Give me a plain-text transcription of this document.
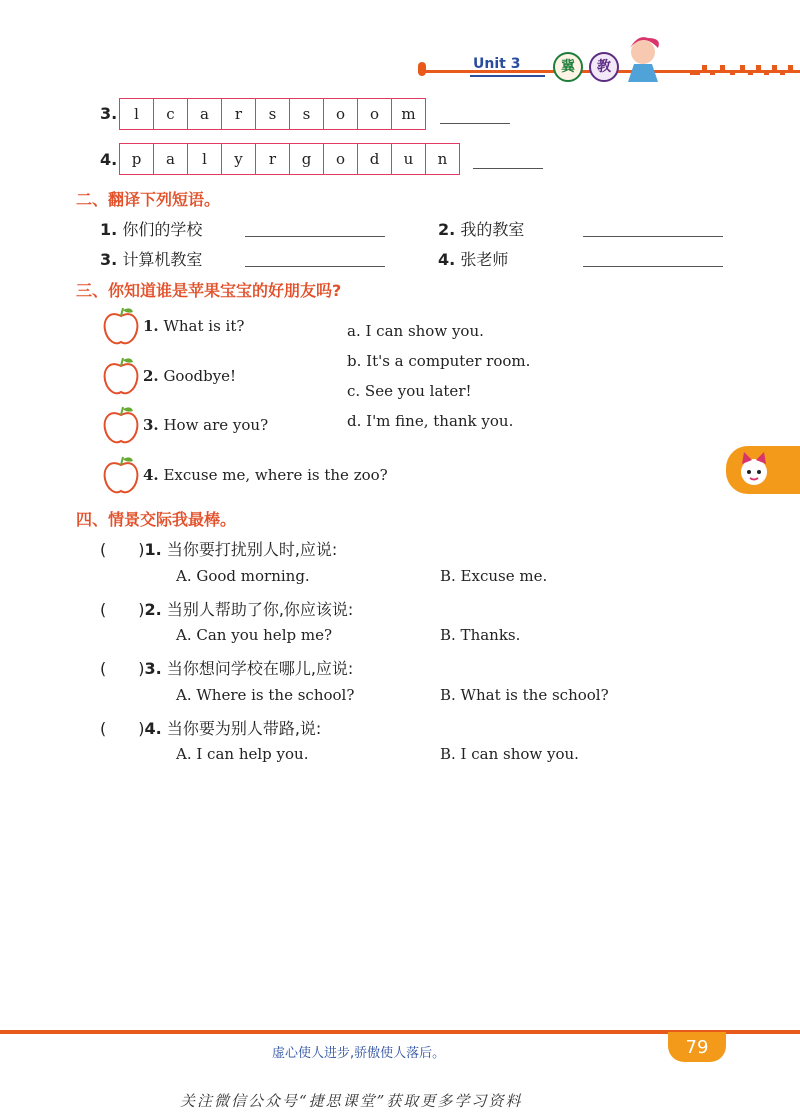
Unit 3	冀	教
3.	l	c	a	r	s	s	o	o	m
4. p	a	l	y	r	g	o	d	u	n
二、翻译下列短语。
1. 你们的学校	2. 我的教室
3. 计算机教室	4. 张老师
三、你知道谁是苹果宝宝的好朋友吗?
1. What is it?
2. Goodbye!
3. How are you?
4. Excuse me, where is the zoo?
a. I can show you.
b. It's a computer room.
c. See you later!
d. I'm fine, thank you.
四、情景交际我最棒。
(　　)1. 当你要打扰别人时,应说:
A. Good morning.	B. Excuse me.
(　　)2. 当别人帮助了你,你应该说:
A. Can you help me?	B. Thanks.
(　　)3. 当你想问学校在哪儿,应说:
A. Where is the school?	B. What is the school?
(　　)4. 当你要为别人带路,说:
A. I can help you.	B. I can show you.
虚心使人进步,骄傲使人落后。	79
关注微信公众号“捷思课堂”获取更多学习资料
